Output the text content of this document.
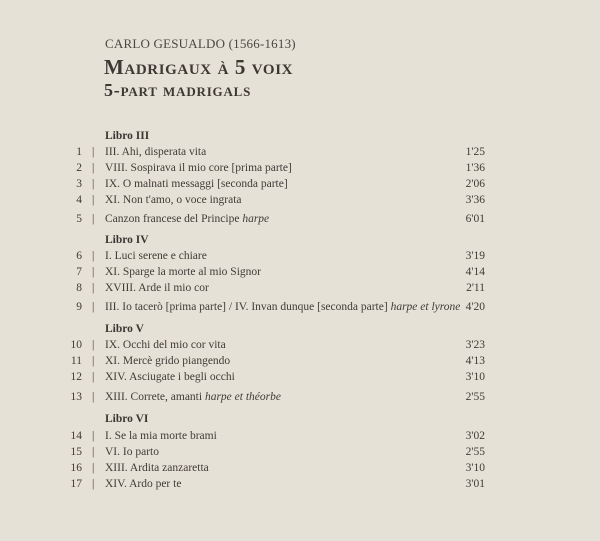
CARLO GESUALDO (1566-1613)
Madrigaux à 5 voix
5-part madrigals
Libro III
1 | III. Ahi, disperata vita	1'25
2 | VIII. Sospirava il mio core [prima parte]	1'36
3 | IX. O malnati messaggi [seconda parte]	2'06
4 | XI. Non t'amo, o voce ingrata	3'36
5 | Canzon francese del Principe harpe	6'01
Libro IV
6 | I. Luci serene e chiare	3'19
7 | XI. Sparge la morte al mio Signor	4'14
8 | XVIII. Arde il mio cor	2'11
9 | III. Io tacerò [prima parte] / IV. Invan dunque [seconda parte] harpe et lyrone 4'20
Libro V
10 | IX. Occhi del mio cor vita	3'23
11 | XI. Mercè grido piangendo	4'13
12 | XIV. Asciugate i begli occhi	3'10
13 | XIII. Correte, amanti harpe et théorbe	2'55
Libro VI
14 | I. Se la mia morte brami	3'02
15 | VI. Io parto	2'55
16 | XIII. Ardita zanzaretta	3'10
17 | XIV. Ardo per te	3'01
